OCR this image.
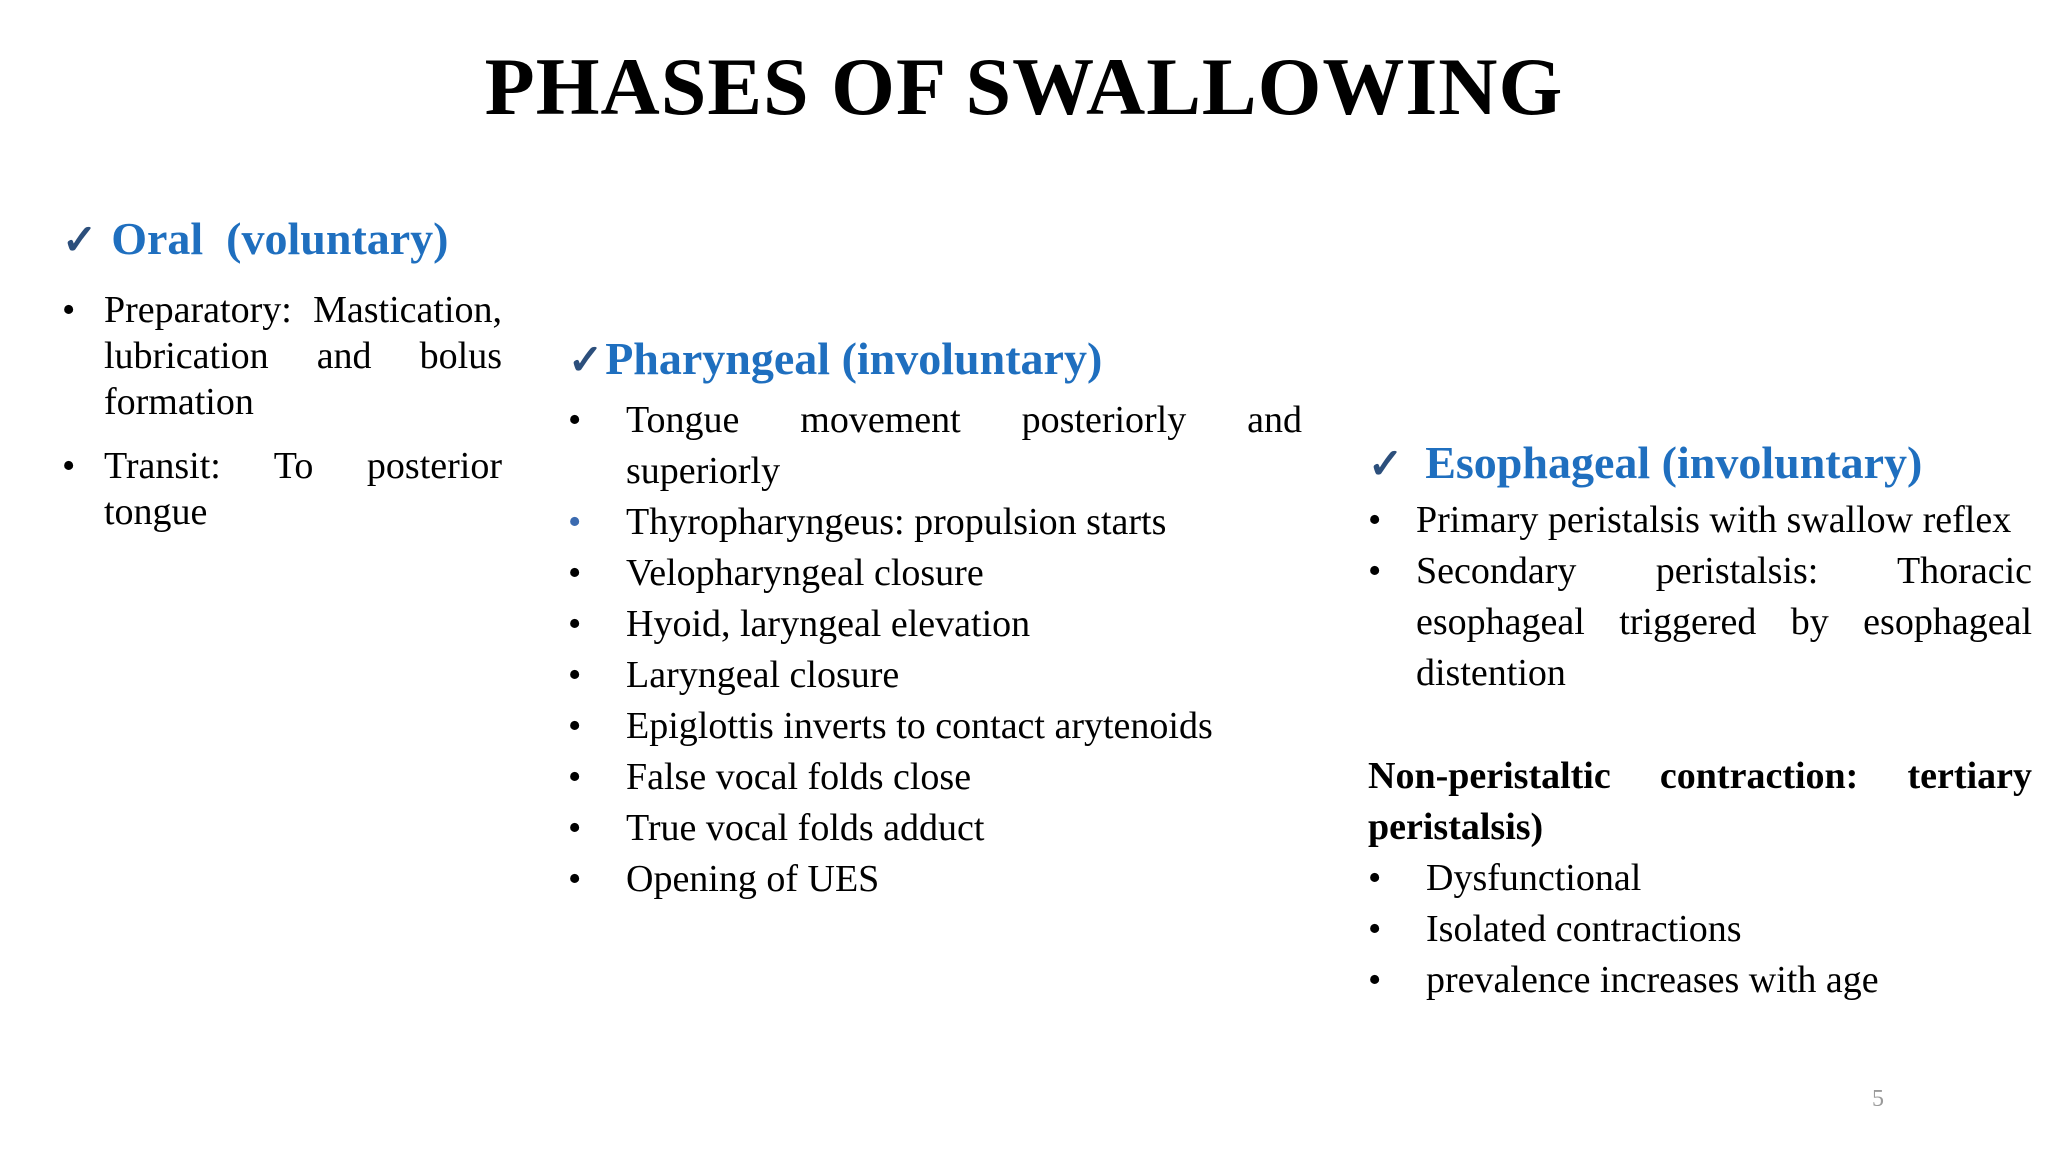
PHASES OF SWALLOWING
✓ Oral  (voluntary)
• Preparatory: Mastication, lubrication and bolus formation
• Transit: To posterior tongue
✓Pharyngeal (involuntary)
• Tongue movement posteriorly and superiorly
• Thyropharyngeus: propulsion starts
• Velopharyngeal closure
• Hyoid, laryngeal elevation
• Laryngeal closure
• Epiglottis inverts to contact arytenoids
• False vocal folds close
• True vocal folds adduct
• Opening of UES
✓ Esophageal (involuntary)
• Primary peristalsis with swallow reflex
• Secondary peristalsis: Thoracic esophageal triggered by esophageal distention
Non-peristaltic contraction: tertiary peristalsis)
• Dysfunctional
• Isolated contractions
• prevalence increases with age
5
